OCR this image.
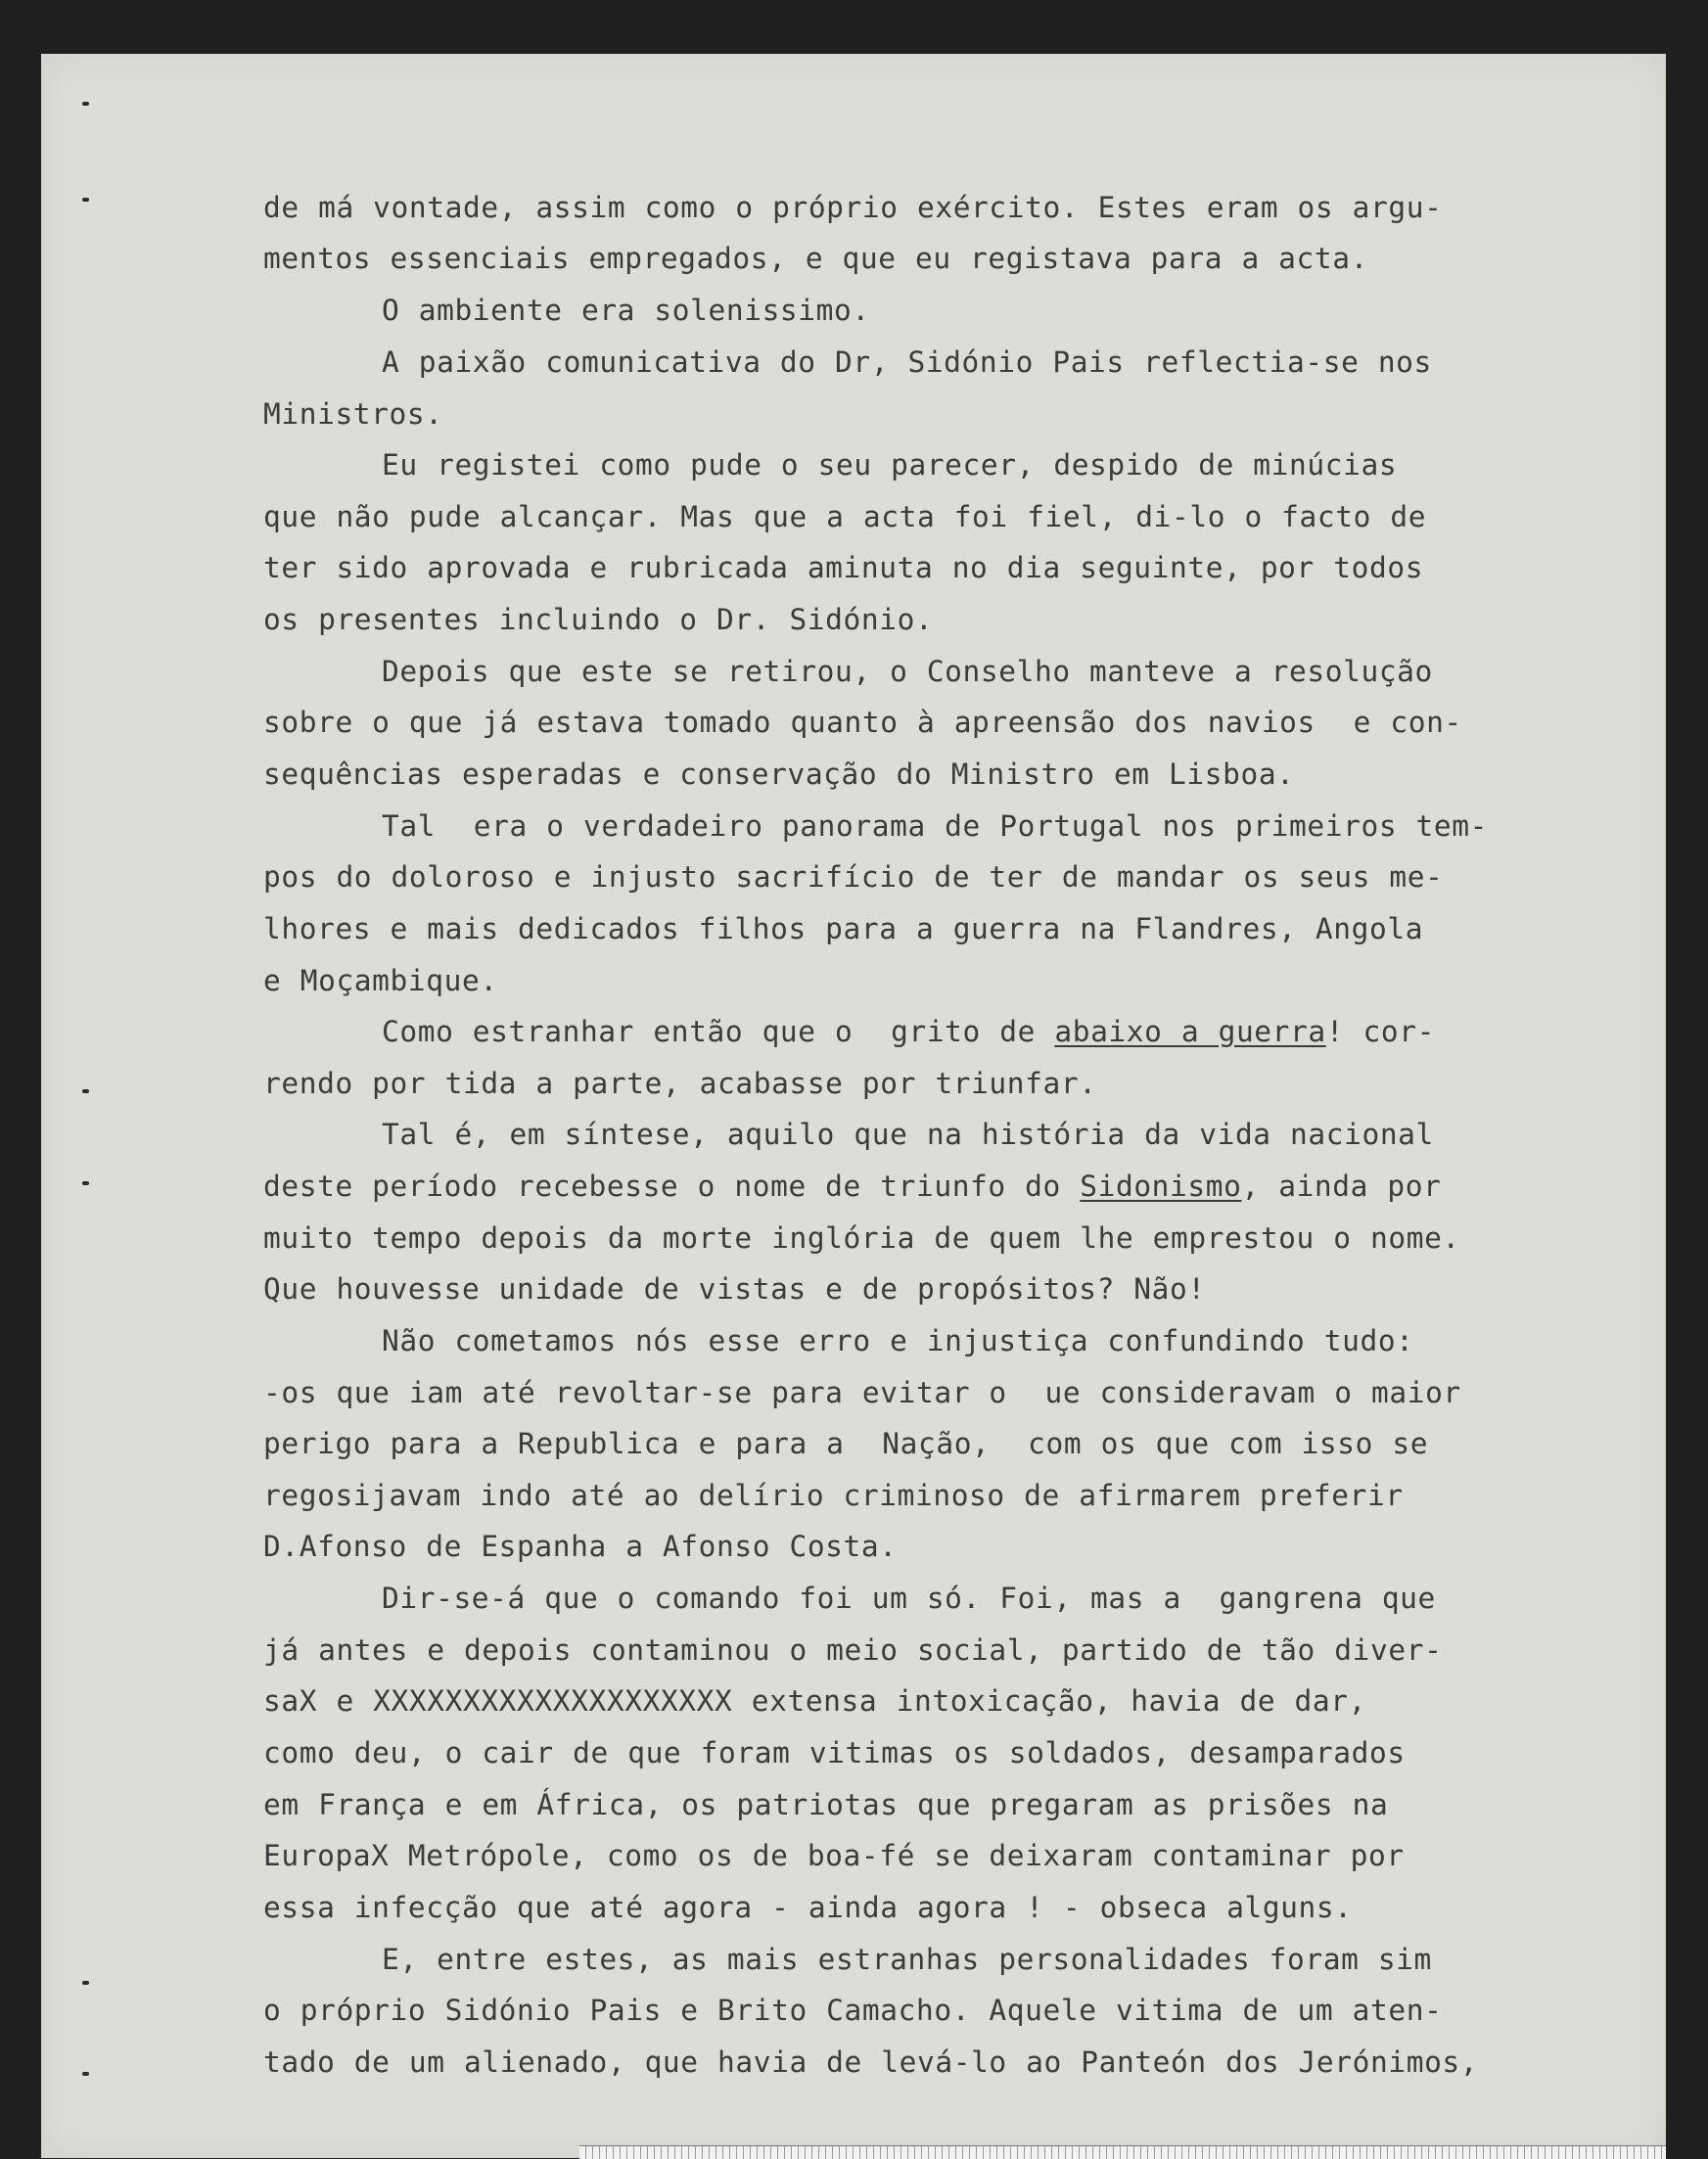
de má vontade, assim como o próprio exército. Estes eram os argu-
mentos essenciais empregados, e que eu registava para a acta.
O ambiente era solenissimo.
A paixão comunicativa do Dr, Sidónio Pais reflectia-se nos
Ministros.
Eu registei como pude o seu parecer, despido de minúcias
que não pude alcançar. Mas que a acta foi fiel, di-lo o facto de
ter sido aprovada e rubricada aminuta no dia seguinte, por todos
os presentes incluindo o Dr. Sidónio.
Depois que este se retirou, o Conselho manteve a resolução
sobre o que já estava tomado quanto à apreensão dos navios  e con-
sequências esperadas e conservação do Ministro em Lisboa.
Tal  era o verdadeiro panorama de Portugal nos primeiros tem-
pos do doloroso e injusto sacrifício de ter de mandar os seus me-
lhores e mais dedicados filhos para a guerra na Flandres, Angola
e Moçambique.
Como estranhar então que o  grito de abaixo a guerra! cor-
rendo por tida a parte, acabasse por triunfar.
Tal é, em síntese, aquilo que na história da vida nacional
deste período recebesse o nome de triunfo do Sidonismo, ainda por
muito tempo depois da morte inglória de quem lhe emprestou o nome.
Que houvesse unidade de vistas e de propósitos? Não!
Não cometamos nós esse erro e injustiça confundindo tudo:
-os que iam até revoltar-se para evitar o  ue consideravam o maior
perigo para a Republica e para a  Nação,  com os que com isso se
regosijavam indo até ao delírio criminoso de afirmarem preferir
D.Afonso de Espanha a Afonso Costa.
Dir-se-á que o comando foi um só. Foi, mas a  gangrena que
já antes e depois contaminou o meio social, partido de tão diver-
saX e XXXXXXXXXXXXXXXXXXXX extensa intoxicação, havia de dar,
como deu, o cair de que foram vitimas os soldados, desamparados
em França e em África, os patriotas que pregaram as prisões na
EuropaX Metrópole, como os de boa-fé se deixaram contaminar por
essa infecção que até agora - ainda agora ! - obseca alguns.
E, entre estes, as mais estranhas personalidades foram sim
o próprio Sidónio Pais e Brito Camacho. Aquele vitima de um aten-
tado de um alienado, que havia de levá-lo ao Panteón dos Jerónimos,
